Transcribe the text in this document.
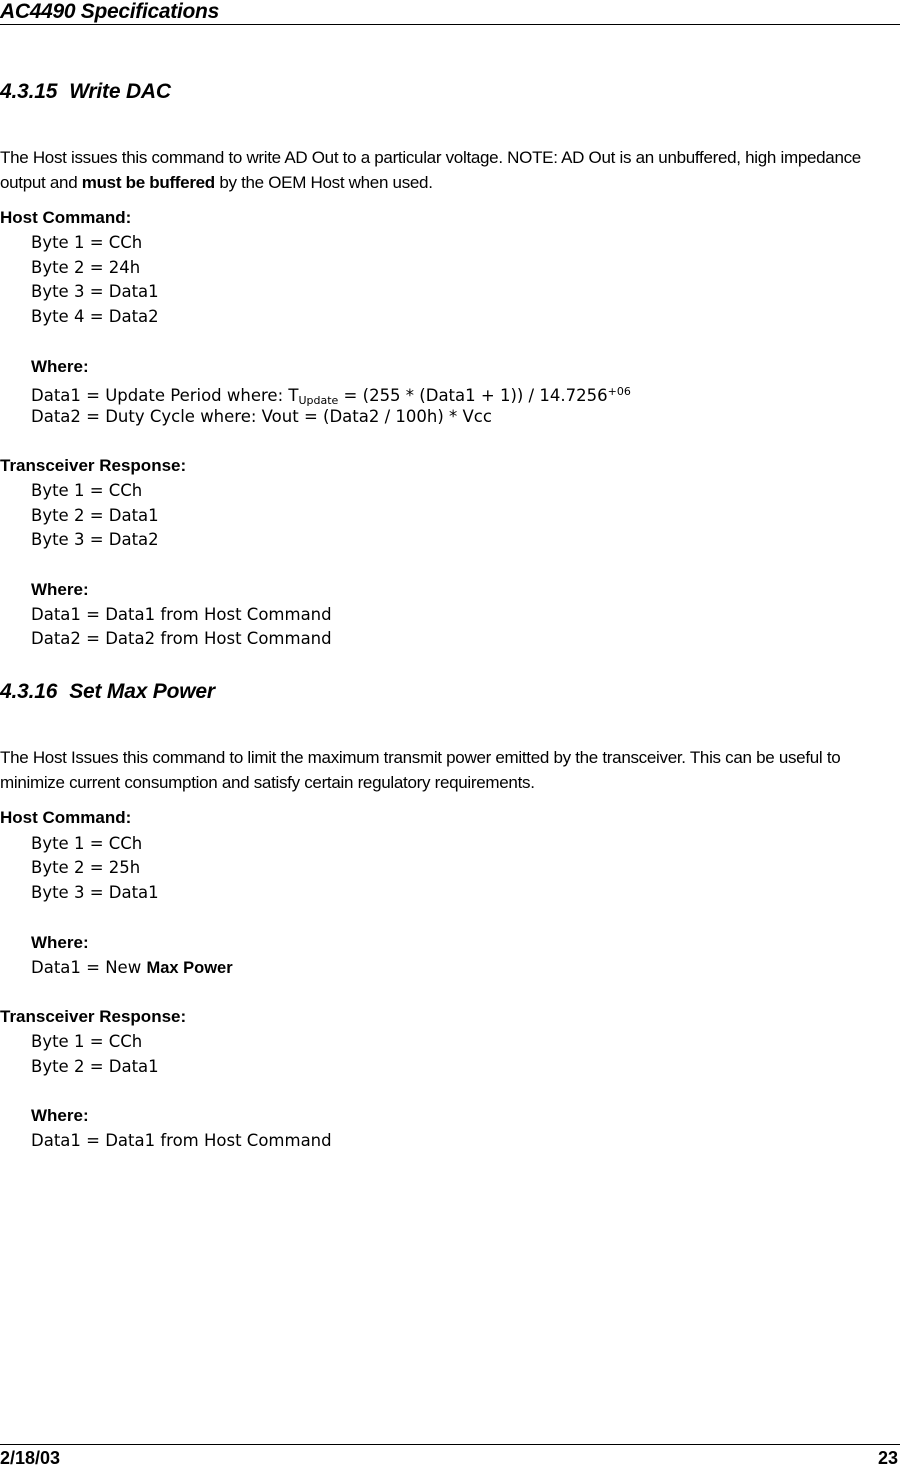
AC4490 Specifications
4.3.15 Write DAC
The Host issues this command to write AD Out to a particular voltage. NOTE: AD Out is an unbuffered, high impedance output and must be buffered by the OEM Host when used.
Host Command:
Byte 1 = CCh
Byte 2 = 24h
Byte 3 = Data1
Byte 4 = Data2
Where:
Data1 = Update Period where: $T_{Update} = (255$ * (Data1 + $1)) / 14.7256^{+06}$
Data2 = Duty Cycle where: Vout = (Data2 / 100h) * Vcc
Transceiver Response:
Byte 1 = CCh
Byte 2 = Data1
Byte 3 = Data2
Where:
Data1 = Data1 from Host Command
Data2 = Data2 from Host Command
4.3.16 Set Max Power
The Host Issues this command to limit the maximum transmit power emitted by the transceiver. This can be useful to minimize current consumption and satisfy certain regulatory requirements.
Host Command:
Byte 1 = CCh
Byte 2 = 25h
Byte 3 = Data1
Where:
Data1 = New Max Power
Transceiver Response:
Byte 1 = CCh
Byte 2 = Data1
Where:
Data1 = Data1 from Host Command
2/18/03	23
